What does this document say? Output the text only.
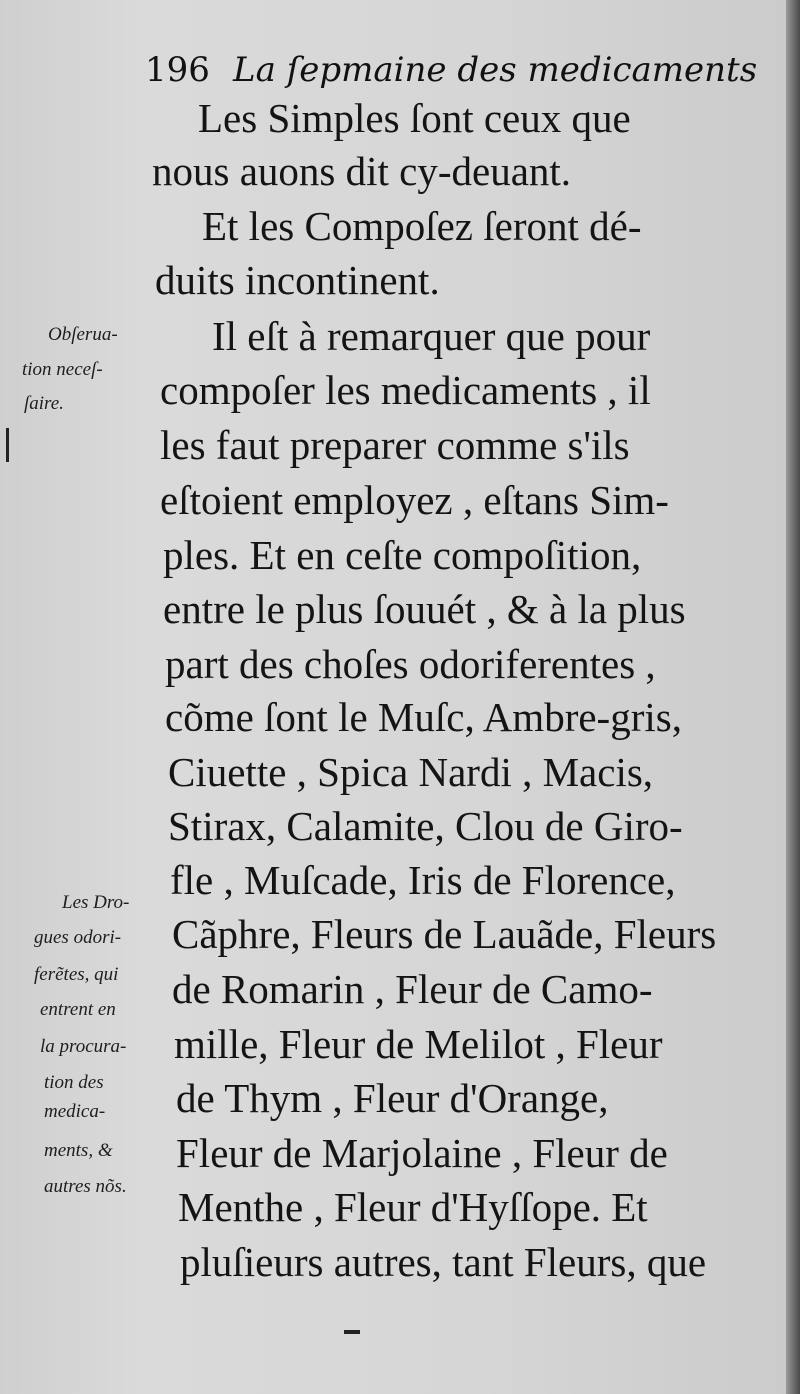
196 La ſepmaine des medicaments
Les Simples ſont ceux que
nous auons dit cy-deuant.
Et les Compoſez ſeront dé-
duits incontinent.
Il eſt à remarquer que pour
compoſer les medicaments , il
les faut preparer comme s'ils
eſtoient employez , eſtans Sim-
ples. Et en ceſte compoſition,
entre le plus ſouuét , & à la plus
part des choſes odoriferentes ,
cõme ſont le Muſc, Ambre-gris,
Ciuette , Spica Nardi , Macis,
Stirax, Calamite, Clou de Giro-
fle , Muſcade, Iris de Florence,
Cãphre, Fleurs de Lauãde, Fleurs
de Romarin , Fleur de Camo-
mille, Fleur de Melilot , Fleur
de Thym , Fleur d'Orange,
Fleur de Marjolaine , Fleur de
Menthe , Fleur d'Hyſſope. Et
pluſieurs autres, tant Fleurs, que
Obſerua-
tion neceſ-
ſaire.
Les Dro-
gues odori-
ferẽtes, qui
entrent en
la procura-
tion des
medica-
ments, &
autres nõs.
